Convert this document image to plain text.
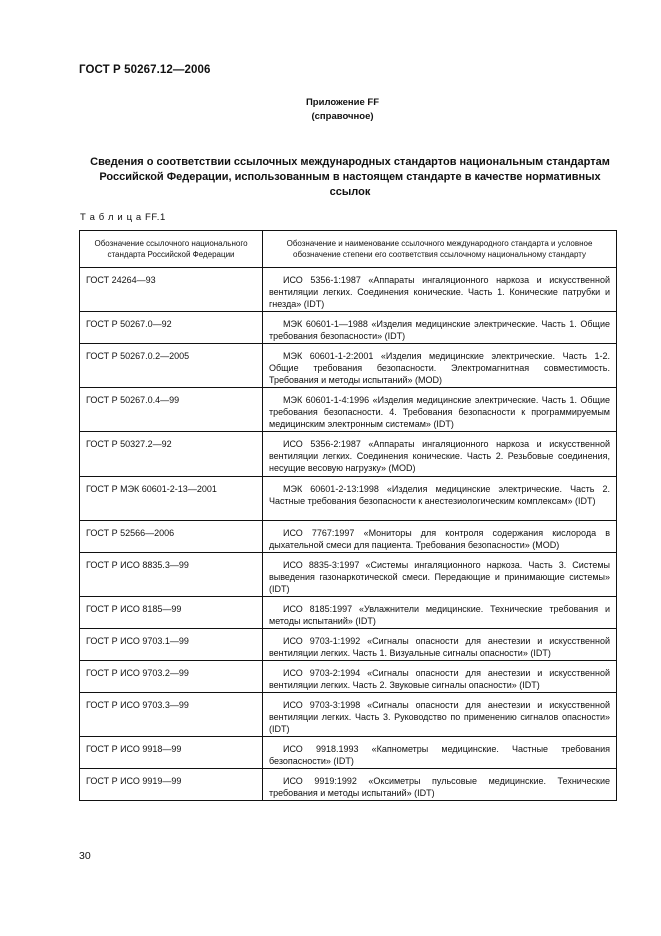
ГОСТ Р 50267.12—2006
Приложение FF
(справочное)
Сведения о соответствии ссылочных международных стандартов национальным стандартам Российской Федерации, использованным в настоящем стандарте в качестве нормативных ссылок
Т а б л и ц а FF.1
Обозначение ссылочного национального стандарта Российской Федерации	Обозначение и наименование ссылочного международного стандарта и условное обозначение степени его соответствия ссылочному национальному стандарту
ГОСТ 24264—93	ИСО 5356-1:1987 «Аппараты ингаляционного наркоза и искусственной вентиляции легких. Соединения конические. Часть 1. Конические патрубки и гнезда» (IDT)
ГОСТ Р 50267.0—92	МЭК 60601-1—1988 «Изделия медицинские электрические. Часть 1. Общие требования безопасности» (IDT)
ГОСТ Р 50267.0.2—2005	МЭК 60601-1-2:2001 «Изделия медицинские электрические. Часть 1-2. Общие требования безопасности. Электромагнитная совместимость. Требования и методы испытаний» (MOD)
ГОСТ Р 50267.0.4—99	МЭК 60601-1-4:1996 «Изделия медицинские электрические. Часть 1. Общие требования безопасности. 4. Требования безопасности к программируемым медицинским электронным системам» (IDT)
ГОСТ Р 50327.2—92	ИСО 5356-2:1987 «Аппараты ингаляционного наркоза и искусственной вентиляции легких. Соединения конические. Часть 2. Резьбовые соединения, несущие весовую нагрузку» (MOD)
ГОСТ Р МЭК 60601-2-13—2001	МЭК 60601-2-13:1998 «Изделия медицинские электрические. Часть 2. Частные требования безопасности к анестезиологическим комплексам» (IDT)
ГОСТ Р 52566—2006	ИСО 7767:1997 «Мониторы для контроля содержания кислорода в дыхательной смеси для пациента. Требования безопасности» (MOD)
ГОСТ Р ИСО 8835.3—99	ИСО 8835-3:1997 «Системы ингаляционного наркоза. Часть 3. Системы выведения газонаркотической смеси. Передающие и принимающие системы» (IDT)
ГОСТ Р ИСО 8185—99	ИСО 8185:1997 «Увлажнители медицинские. Технические требования и методы испытаний» (IDT)
ГОСТ Р ИСО 9703.1—99	ИСО 9703-1:1992 «Сигналы опасности для анестезии и искусственной вентиляции легких. Часть 1. Визуальные сигналы опасности» (IDT)
ГОСТ Р ИСО 9703.2—99	ИСО 9703-2:1994 «Сигналы опасности для анестезии и искусственной вентиляции легких. Часть 2. Звуковые сигналы опасности» (IDT)
ГОСТ Р ИСО 9703.3—99	ИСО 9703-3:1998 «Сигналы опасности для анестезии и искусственной вентиляции легких. Часть 3. Руководство по применению сигналов опасности» (IDT)
ГОСТ Р ИСО 9918—99	ИСО 9918.1993 «Капнометры медицинские. Частные требования безопасности» (IDT)
ГОСТ Р ИСО 9919—99	ИСО 9919:1992 «Оксиметры пульсовые медицинские. Технические требования и методы испытаний» (IDT)
30
